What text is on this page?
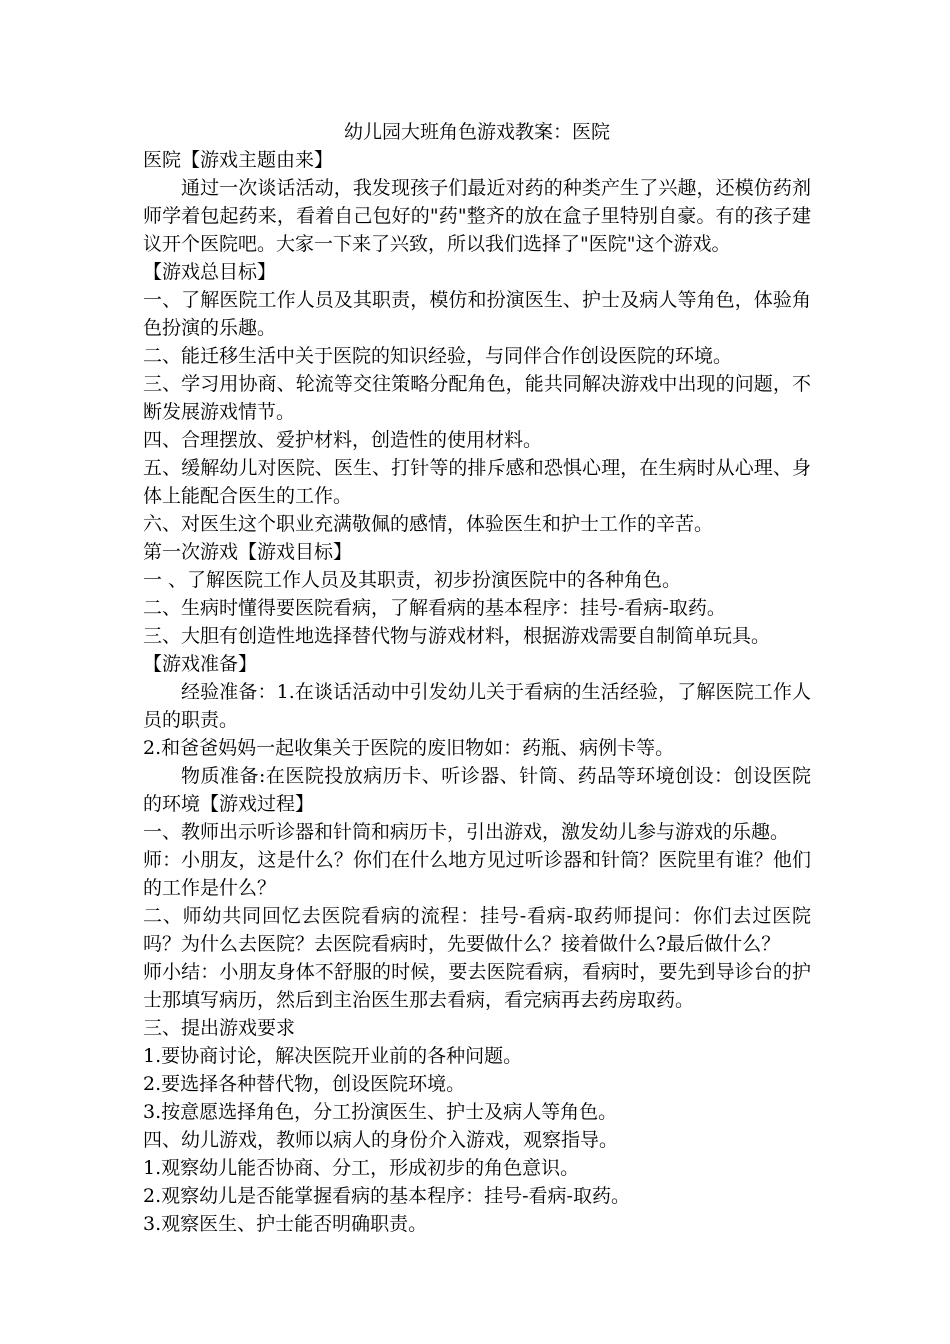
幼儿园大班角色游戏教案：医院

医院【游戏主题由来】

通过一次谈话活动，我发现孩子们最近对药的种类产生了兴趣，还模仿药剂师学着包起药来，看着自己包好的"药"整齐的放在盒子里特别自豪。有的孩子建议开个医院吧。大家一下来了兴致，所以我们选择了"医院"这个游戏。

【游戏总目标】

一、了解医院工作人员及其职责，模仿和扮演医生、护士及病人等角色，体验角色扮演的乐趣。

二、能迁移生活中关于医院的知识经验，与同伴合作创设医院的环境。

三、学习用协商、轮流等交往策略分配角色，能共同解决游戏中出现的问题，不断发展游戏情节。

四、合理摆放、爱护材料，创造性的使用材料。

五、缓解幼儿对医院、医生、打针等的排斥感和恐惧心理，在生病时从心理、身体上能配合医生的工作。

六、对医生这个职业充满敬佩的感情，体验医生和护士工作的辛苦。

第一次游戏【游戏目标】

一 、了解医院工作人员及其职责，初步扮演医院中的各种角色。

二、生病时懂得要医院看病，了解看病的基本程序：挂号-看病-取药。

三、大胆有创造性地选择替代物与游戏材料，根据游戏需要自制简单玩具。

【游戏准备】

经验准备：1.在谈话活动中引发幼儿关于看病的生活经验，了解医院工作人员的职责。

2.和爸爸妈妈一起收集关于医院的废旧物如：药瓶、病例卡等。

物质准备:在医院投放病历卡、听诊器、针筒、药品等环境创设：创设医院的环境【游戏过程】

一、教师出示听诊器和针筒和病历卡，引出游戏，激发幼儿参与游戏的乐趣。

师：小朋友，这是什么？你们在什么地方见过听诊器和针筒？医院里有谁？他们的工作是什么？

二、师幼共同回忆去医院看病的流程：挂号-看病-取药师提问：你们去过医院吗？为什么去医院？去医院看病时，先要做什么？接着做什么?最后做什么？

师小结：小朋友身体不舒服的时候，要去医院看病，看病时，要先到导诊台的护士那填写病历，然后到主治医生那去看病，看完病再去药房取药。

三、提出游戏要求

1.要协商讨论，解决医院开业前的各种问题。

2.要选择各种替代物，创设医院环境。

3.按意愿选择角色，分工扮演医生、护士及病人等角色。

四、幼儿游戏，教师以病人的身份介入游戏，观察指导。

1.观察幼儿能否协商、分工，形成初步的角色意识。

2.观察幼儿是否能掌握看病的基本程序：挂号-看病-取药。

3.观察医生、护士能否明确职责。
